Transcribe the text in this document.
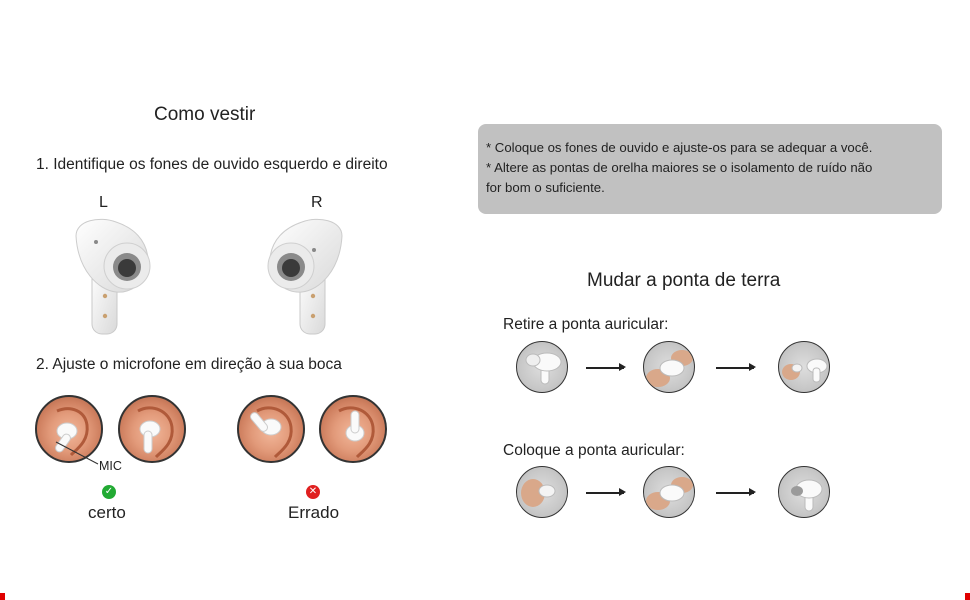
Como vestir
1. Identifique os fones de ouvido esquerdo e direito
L	R
2. Ajuste o microfone em direção à sua boca
MIC
✓
certo
✕
Errado

* Coloque os fones de ouvido e ajuste-os para se adequar a você.

* Altere as pontas de orelha maiores se o isolamento de ruído não

for bom o suficiente.

Mudar a ponta de terra
Retire a ponta auricular:
Coloque a ponta auricular:
